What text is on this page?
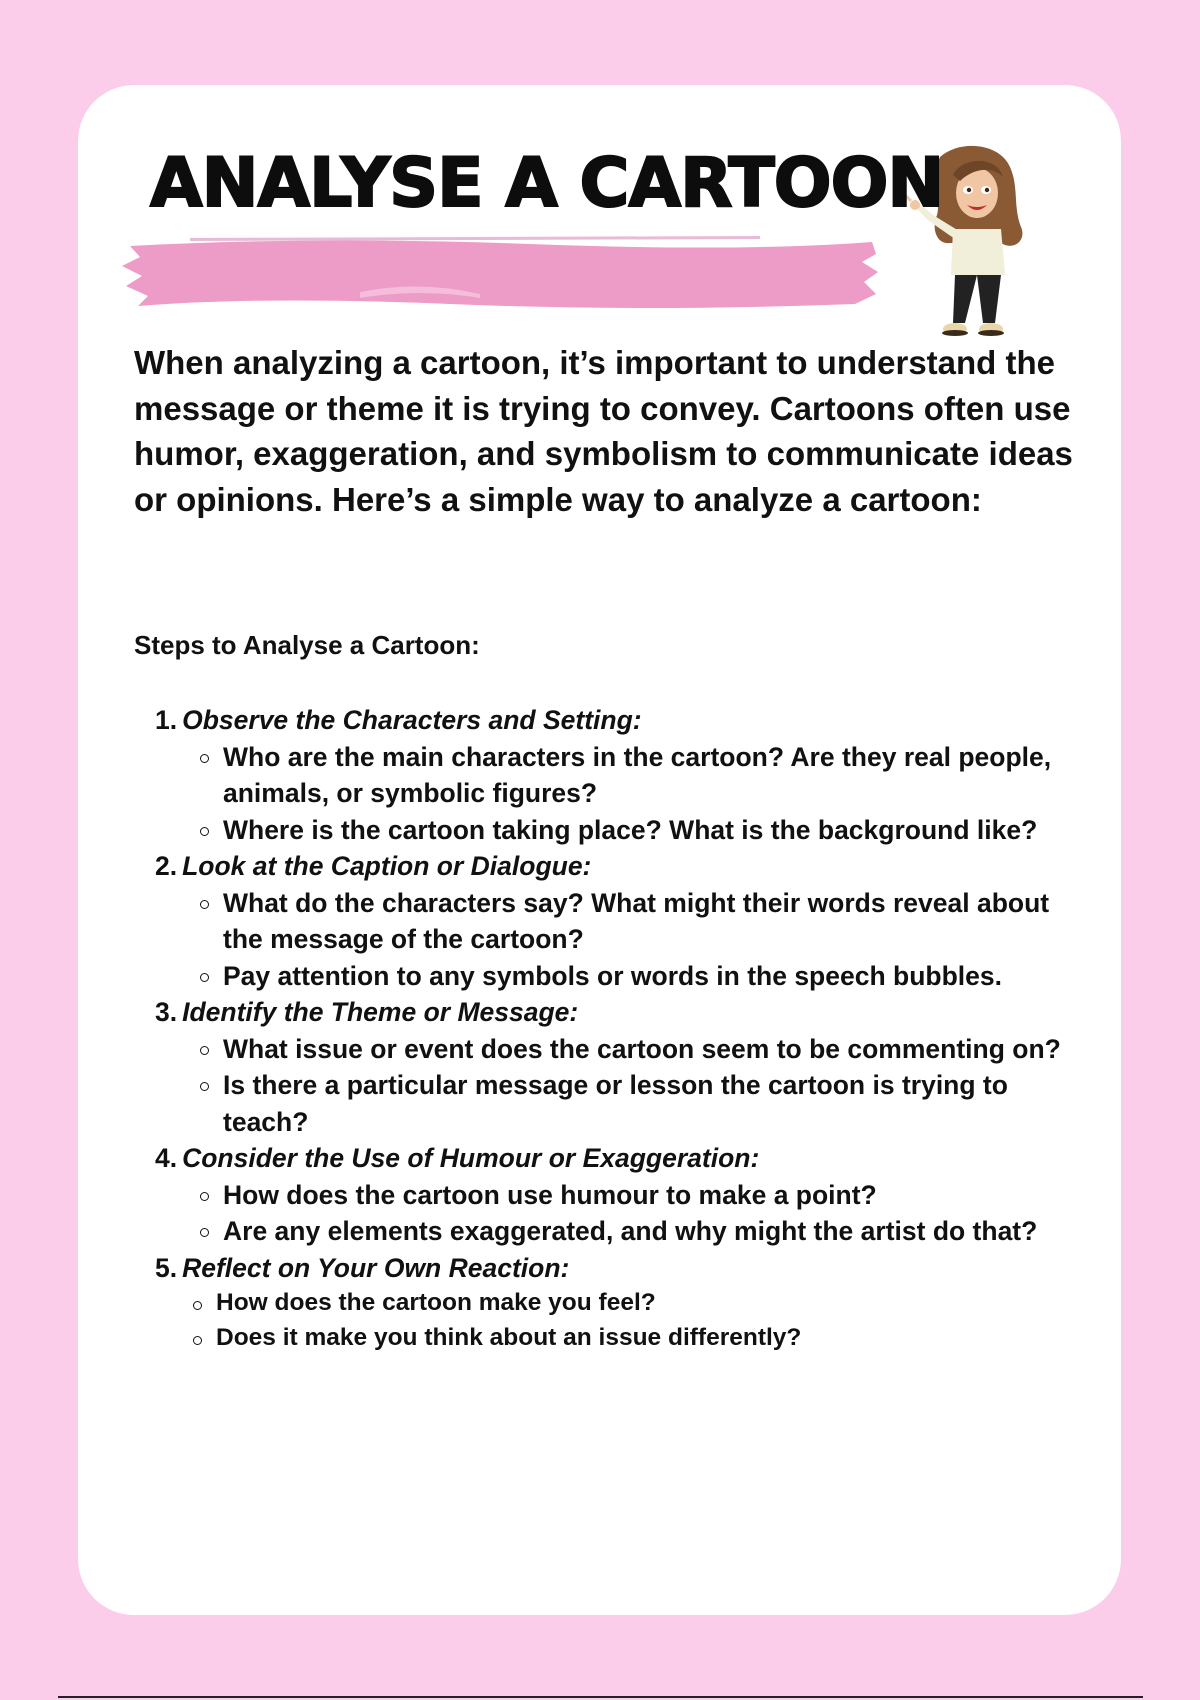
ANALYSE A CARTOON

When analyzing a cartoon, it’s important to understand the message or theme it is trying to convey. Cartoons often use humor, exaggeration, and symbolism to communicate ideas or opinions. Here’s a simple way to analyze a cartoon:

Steps to Analyse a Cartoon:
1. Observe the Characters and Setting:
Who are the main characters in the cartoon? Are they real people, animals, or symbolic figures?
Where is the cartoon taking place? What is the background like?
2. Look at the Caption or Dialogue:
What do the characters say? What might their words reveal about the message of the cartoon?
Pay attention to any symbols or words in the speech bubbles.
3. Identify the Theme or Message:
What issue or event does the cartoon seem to be commenting on?
Is there a particular message or lesson the cartoon is trying to teach?
4. Consider the Use of Humour or Exaggeration:
How does the cartoon use humour to make a point?
Are any elements exaggerated, and why might the artist do that?
5. Reflect on Your Own Reaction:
How does the cartoon make you feel?
Does it make you think about an issue differently?
